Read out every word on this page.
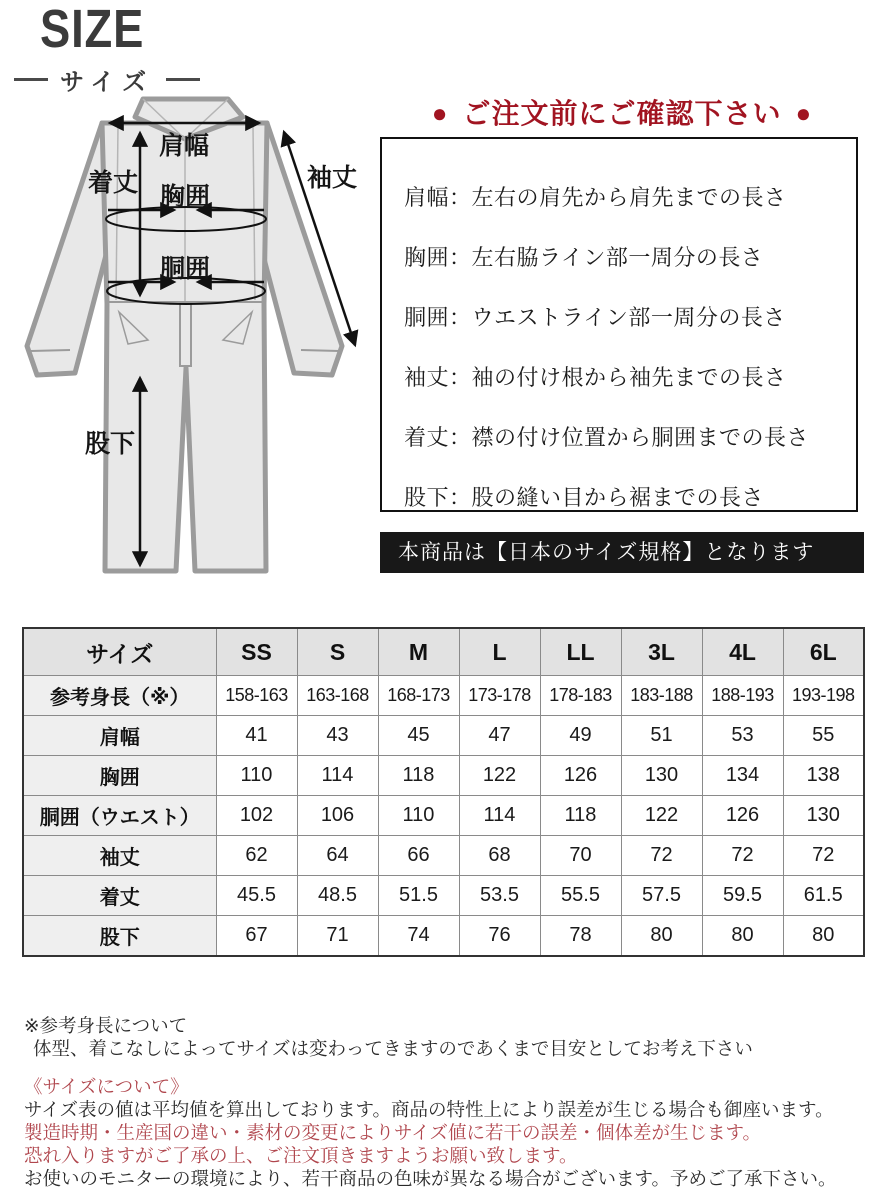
SIZE
サイズ
肩幅
着丈 胸囲
胴囲
袖丈
股下
● ご注文前にご確認下さい ●
肩幅：左右の肩先から肩先までの長さ
胸囲：左右脇ライン部一周分の長さ
胴囲：ウエストライン部一周分の長さ
袖丈：袖の付け根から袖先までの長さ
着丈：襟の付け位置から胴囲までの長さ
股下：股の縫い目から裾までの長さ
本商品は【日本のサイズ規格】となります
サイズ	SS	S	M	L	LL	3L	4L	6L
参考身長（※）	158-163	163-168	168-173	173-178	178-183	183-188	188-193	193-198
肩幅	41	43	45	47	49	51	53	55
胸囲	110	114	118	122	126	130	134	138
胴囲（ウエスト）	102	106	110	114	118	122	126	130
袖丈	62	64	66	68	70	72	72	72
着丈	45.5	48.5	51.5	53.5	55.5	57.5	59.5	61.5
股下	67	71	74	76	78	80	80	80
※参考身長について
体型、着こなしによってサイズは変わってきますのであくまで目安としてお考え下さい
《サイズについて》
サイズ表の値は平均値を算出しております。商品の特性上により誤差が生じる場合も御座います。
製造時期・生産国の違い・素材の変更によりサイズ値に若干の誤差・個体差が生じます。
恐れ入りますがご了承の上、ご注文頂きますようお願い致します。
お使いのモニターの環境により、若干商品の色味が異なる場合がございます。予めご了承下さい。
